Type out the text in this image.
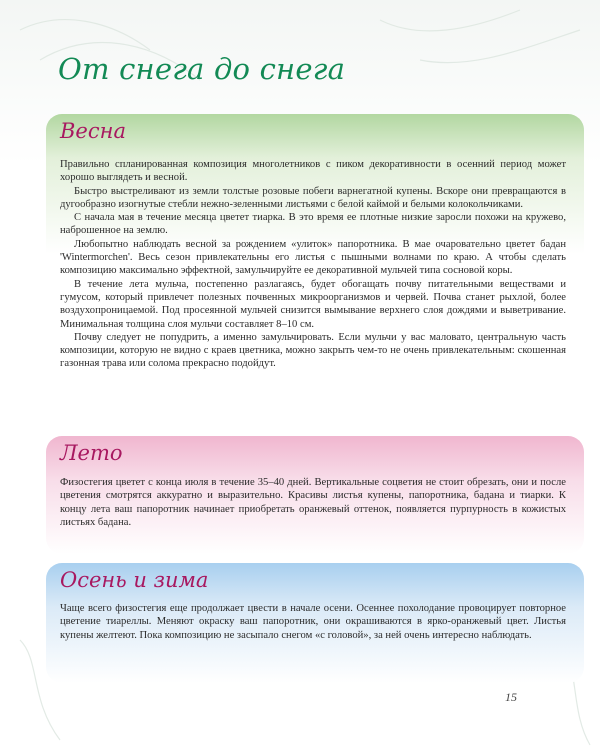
От снега до снега
Весна

Правильно спланированная композиция многолетников с пиком декоративности в осенний период может хорошо выглядеть и весной.

Быстро выстреливают из земли толстые розовые побеги варнегатной купены. Вскоре они превращаются в дугообразно изогнутые стебли нежно-зеленными листьями с белой каймой и белыми колокольчиками.

С начала мая в течение месяца цветет тиарка. В это время ее плотные низкие заросли похожи на кружево, наброшенное на землю.

Любопытно наблюдать весной за рождением «улиток» папоротника. В мае очаровательно цветет бадан 'Wintermorchen'. Весь сезон привлекательны его листья с пышными волнами по краю. А чтобы сделать композицию максимально эффектной, замульчируйте ее декоративной мульчей типа сосновой коры.

В течение лета мульча, постепенно разлагаясь, будет обогащать почву питательными веществами и гумусом, который привлечет полезных почвенных микроорганизмов и червей. Почва станет рыхлой, более воздухопроницаемой. Под просеянной мульчей снизится вымывание верхнего слоя дождями и выветривание. Минимальная толщина слоя мульчи составляет 8–10 см.

Почву следует не попудрить, а именно замульчировать. Если мульчи у вас маловато, центральную часть композиции, которую не видно с краев цветника, можно закрыть чем-то не очень привлекательным: скошенная газонная трава или солома прекрасно подойдут.

Лето

Физостегия цветет с конца июля в течение 35–40 дней. Вертикальные соцветия не стоит обрезать, они и после цветения смотрятся аккуратно и выразительно. Красивы листья купены, папоротника, бадана и тиарки. К концу лета ваш папоротник начинает приобретать оранжевый оттенок, появляется пурпурность в кожистых листьях бадана.

Осень и зима

Чаще всего физостегия еще продолжает цвести в начале осени. Осеннее похолодание провоцирует повторное цветение тиареллы. Меняют окраску ваш папоротник, они окрашиваются в ярко-оранжевый цвет. Листья купены желтеют. Пока композицию не засыпало снегом «с головой», за ней очень интересно наблюдать.

15
